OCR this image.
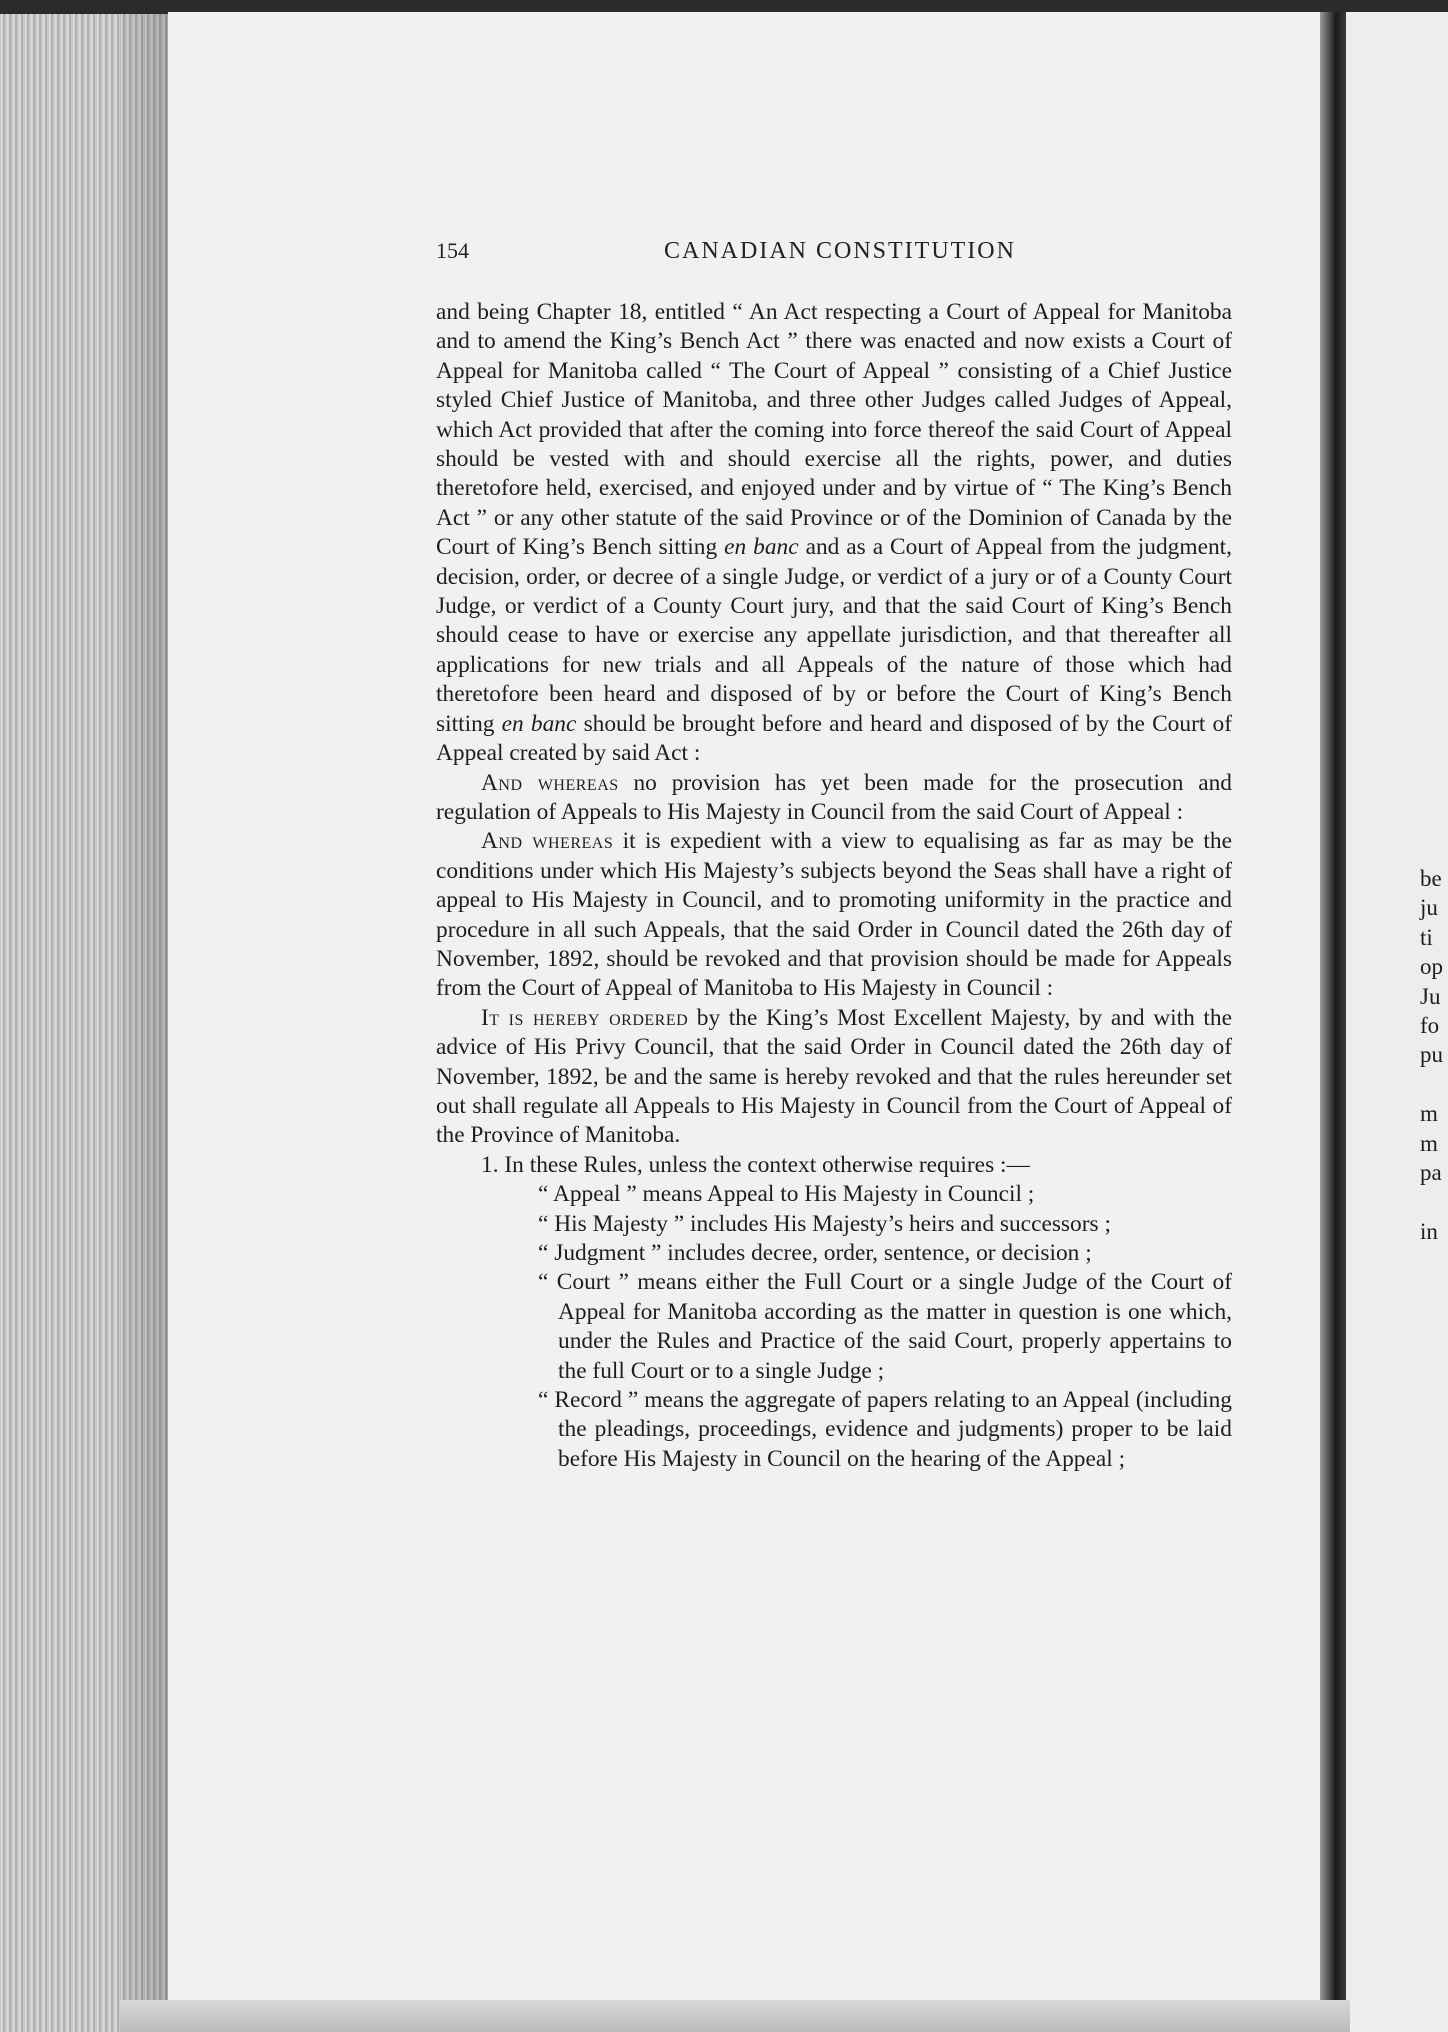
154	CANADIAN CONSTITUTION

and being Chapter 18, entitled “ An Act respecting a Court of Appeal for Manitoba and to amend the King’s Bench Act ” there was enacted and now exists a Court of Appeal for Manitoba called “ The Court of Appeal ” consisting of a Chief Justice styled Chief Justice of Manitoba, and three other Judges called Judges of Appeal, which Act provided that after the coming into force thereof the said Court of Appeal should be vested with and should exercise all the rights, power, and duties theretofore held, exercised, and enjoyed under and by virtue of “ The King’s Bench Act ” or any other statute of the said Province or of the Dominion of Canada by the Court of King’s Bench sitting en banc and as a Court of Appeal from the judgment, decision, order, or decree of a single Judge, or verdict of a jury or of a County Court Judge, or verdict of a County Court jury, and that the said Court of King’s Bench should cease to have or exercise any appellate jurisdiction, and that thereafter all applications for new trials and all Appeals of the nature of those which had theretofore been heard and disposed of by or before the Court of King’s Bench sitting en banc should be brought before and heard and disposed of by the Court of Appeal created by said Act :

And whereas no provision has yet been made for the prosecution and regulation of Appeals to His Majesty in Council from the said Court of Appeal :

And whereas it is expedient with a view to equalising as far as may be the conditions under which His Majesty’s subjects beyond the Seas shall have a right of appeal to His Majesty in Council, and to promoting uniformity in the practice and procedure in all such Appeals, that the said Order in Council dated the 26th day of November, 1892, should be revoked and that provision should be made for Appeals from the Court of Appeal of Manitoba to His Majesty in Council :

It is hereby ordered by the King’s Most Excellent Majesty, by and with the advice of His Privy Council, that the said Order in Council dated the 26th day of November, 1892, be and the same is hereby revoked and that the rules hereunder set out shall regulate all Appeals to His Majesty in Council from the Court of Appeal of the Province of Manitoba.

1. In these Rules, unless the context otherwise requires :—

“ Appeal ” means Appeal to His Majesty in Council ;

“ His Majesty ” includes His Majesty’s heirs and successors ;

“ Judgment ” includes decree, order, sentence, or decision ;

“ Court ” means either the Full Court or a single Judge of the Court of Appeal for Manitoba according as the matter in question is one which, under the Rules and Practice of the said Court, properly appertains to the full Court or to a single Judge ;

“ Record ” means the aggregate of papers relating to an Appeal (including the pleadings, proceedings, evidence and judgments) proper to be laid before His Majesty in Council on the hearing of the Appeal ;

be
ju
ti
op
Ju
fo
pu
m
m
pa
in
